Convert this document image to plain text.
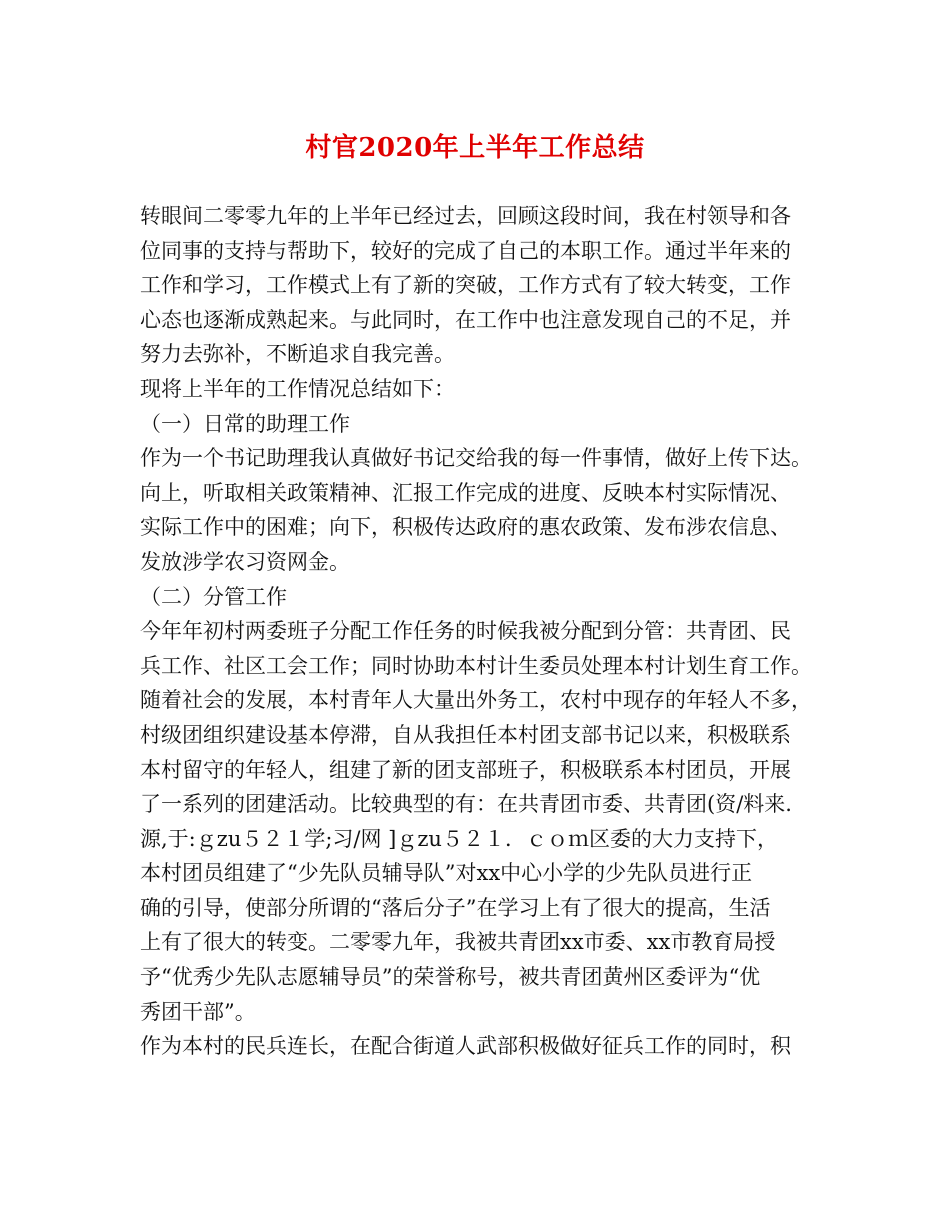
村官2020年上半年工作总结
转眼间二零零九年的上半年已经过去，回顾这段时间，我在村领导和各
位同事的支持与帮助下，较好的完成了自己的本职工作。通过半年来的
工作和学习，工作模式上有了新的突破，工作方式有了较大转变，工作
心态也逐渐成熟起来。与此同时，在工作中也注意发现自己的不足，并
努力去弥补，不断追求自我完善。
现将上半年的工作情况总结如下：
（一）日常的助理工作
作为一个书记助理我认真做好书记交给我的每一件事情，做好上传下达。
向上，听取相关政策精神、汇报工作完成的进度、反映本村实际情况、
实际工作中的困难；向下，积极传达政府的惠农政策、发布涉农信息、
发放涉学农习资网金。
（二）分管工作
今年年初村两委班子分配工作任务的时候我被分配到分管：共青团、民
兵工作、社区工会工作；同时协助本村计生委员处理本村计划生育工作。
随着社会的发展，本村青年人大量出外务工，农村中现存的年轻人不多，
村级团组织建设基本停滞，自从我担任本村团支部书记以来，积极联系
本村留守的年轻人，组建了新的团支部班子，积极联系本村团员，开展
了一系列的团建活动。比较典型的有：在共青团市委、共青团(资/料来.
源,于:ｇzu５２１学;习/网 ]ｇzu５２１．ｃｏｍ区委的大力支持下，
本村团员组建了“少先队员辅导队”对xx中心小学的少先队员进行正
确的引导，使部分所谓的“落后分子”在学习上有了很大的提高，生活
上有了很大的转变。二零零九年，我被共青团xx市委、xx市教育局授
予“优秀少先队志愿辅导员”的荣誉称号，被共青团黄州区委评为“优
秀团干部”。
作为本村的民兵连长，在配合街道人武部积极做好征兵工作的同时，积
